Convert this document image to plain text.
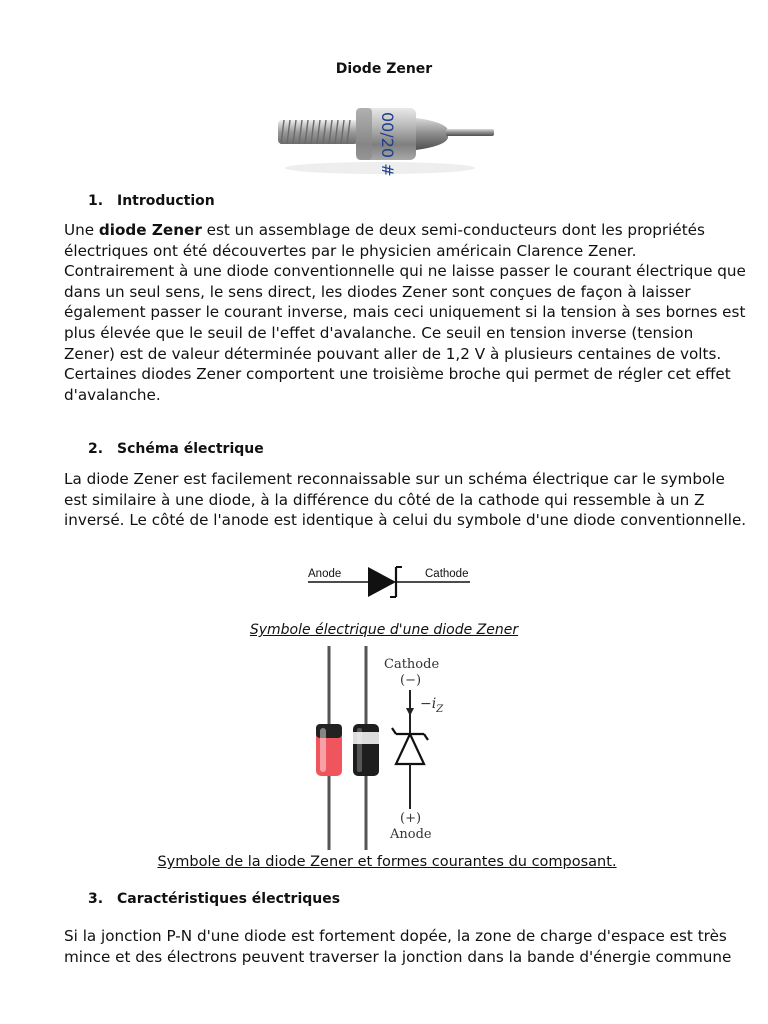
Diode Zener
00/20 #
1. Introduction
Une diode Zener est un assemblage de deux semi-conducteurs dont les propriétés
électriques ont été découvertes par le physicien américain Clarence Zener.
Contrairement à une diode conventionnelle qui ne laisse passer le courant électrique que
dans un seul sens, le sens direct, les diodes Zener sont conçues de façon à laisser
également passer le courant inverse, mais ceci uniquement si la tension à ses bornes est
plus élevée que le seuil de l'effet d'avalanche. Ce seuil en tension inverse (tension
Zener) est de valeur déterminée pouvant aller de 1,2 V à plusieurs centaines de volts.
Certaines diodes Zener comportent une troisième broche qui permet de régler cet effet
d'avalanche.
2. Schéma électrique
La diode Zener est facilement reconnaissable sur un schéma électrique car le symbole
est similaire à une diode, à la différence du côté de la cathode qui ressemble à un Z
inversé. Le côté de l'anode est identique à celui du symbole d'une diode conventionnelle.
Anode	Cathode
Symbole électrique d'une diode Zener
Cathode
(−)
$-i_Z$
(+)
Anode
Symbole de la diode Zener et formes courantes du composant.
3. Caractéristiques électriques
Si la jonction P-N d'une diode est fortement dopée, la zone de charge d'espace est très
mince et des électrons peuvent traverser la jonction dans la bande d'énergie commune
